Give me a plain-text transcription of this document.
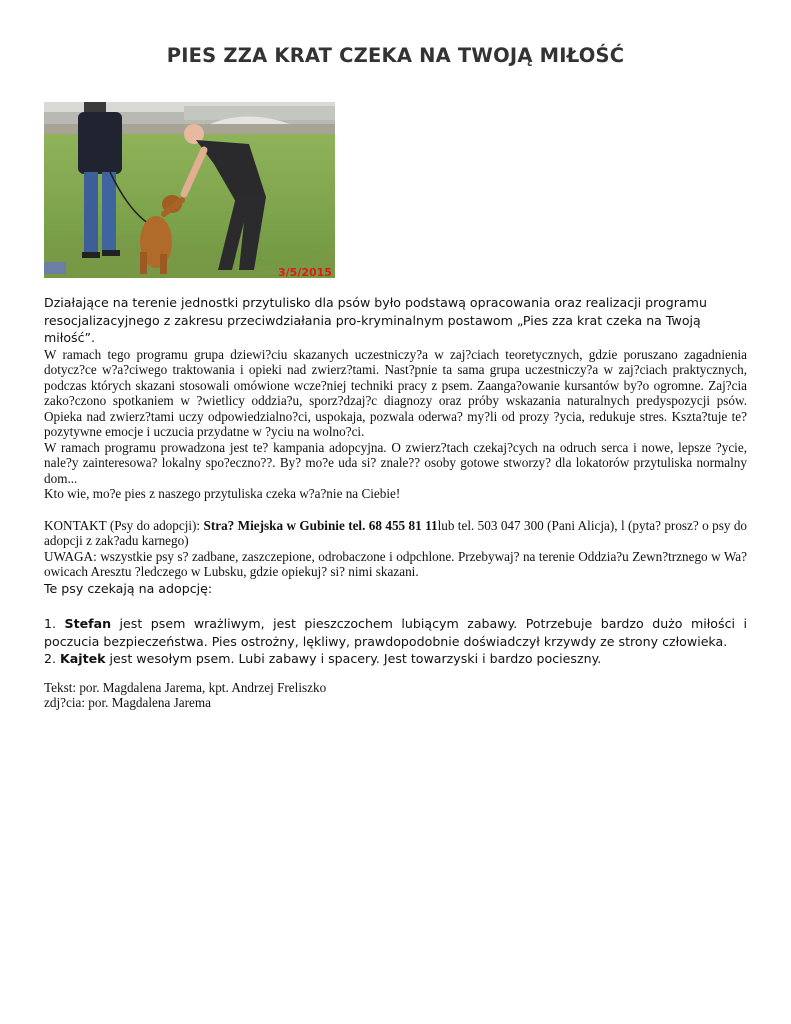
PIES ZZA KRAT CZEKA NA TWOJĄ MIŁOŚĆ
3/5/2015

Działające na terenie jednostki przytulisko dla psów było podstawą opracowania oraz realizacji programu resocjalizacyjnego z zakresu przeciwdziałania pro-kryminalnym postawom „Pies zza krat czeka na Twoją miłość”.

W ramach tego programu grupa dziewi?ciu skazanych uczestniczy?a w zaj?ciach teoretycznych, gdzie poruszano zagadnienia dotycz?ce w?a?ciwego traktowania i opieki nad zwierz?tami. Nast?pnie ta sama grupa uczestniczy?a w zaj?ciach praktycznych, podczas których skazani stosowali omówione wcze?niej techniki pracy z psem. Zaanga?owanie kursantów by?o ogromne. Zaj?cia zako?czono spotkaniem w ?wietlicy oddzia?u, sporz?dzaj?c diagnozy oraz próby wskazania naturalnych predyspozycji psów. Opieka nad zwierz?tami uczy odpowiedzialno?ci, uspokaja, pozwala oderwa? my?li od prozy ?ycia, redukuje stres. Kszta?tuje te? pozytywne emocje i uczucia przydatne w ?yciu na wolno?ci.

W ramach programu prowadzona jest te? kampania adopcyjna. O zwierz?tach czekaj?cych na odruch serca i nowe, lepsze ?ycie, nale?y zainteresowa? lokalny spo?eczno??. By? mo?e uda si? znale?? osoby gotowe stworzy? dla lokatorów przytuliska normalny dom...

Kto wie, mo?e pies z naszego przytuliska czeka w?a?nie na Ciebie!

KONTAKT (Psy do adopcji): Stra? Miejska w Gubinie tel. 68 455 81 11lub tel. 503 047 300 (Pani Alicja), l (pyta? prosz? o psy do adopcji z zak?adu karnego)

UWAGA: wszystkie psy s? zadbane, zaszczepione, odrobaczone i odpchlone. Przebywaj? na terenie Oddzia?u Zewn?trznego w Wa?owicach Aresztu ?ledczego w Lubsku, gdzie opiekuj? si? nimi skazani.

Te psy czekają na adopcję:

1. Stefan jest psem wrażliwym, jest pieszczochem lubiącym zabawy. Potrzebuje bardzo dużo miłości i poczucia bezpieczeństwa. Pies ostrożny, lękliwy, prawdopodobnie doświadczył krzywdy ze strony człowieka.

2. Kajtek jest wesołym psem. Lubi zabawy i spacery. Jest towarzyski i bardzo pocieszny.

Tekst: por. Magdalena Jarema, kpt. Andrzej Freliszko

zdj?cia: por. Magdalena Jarema
